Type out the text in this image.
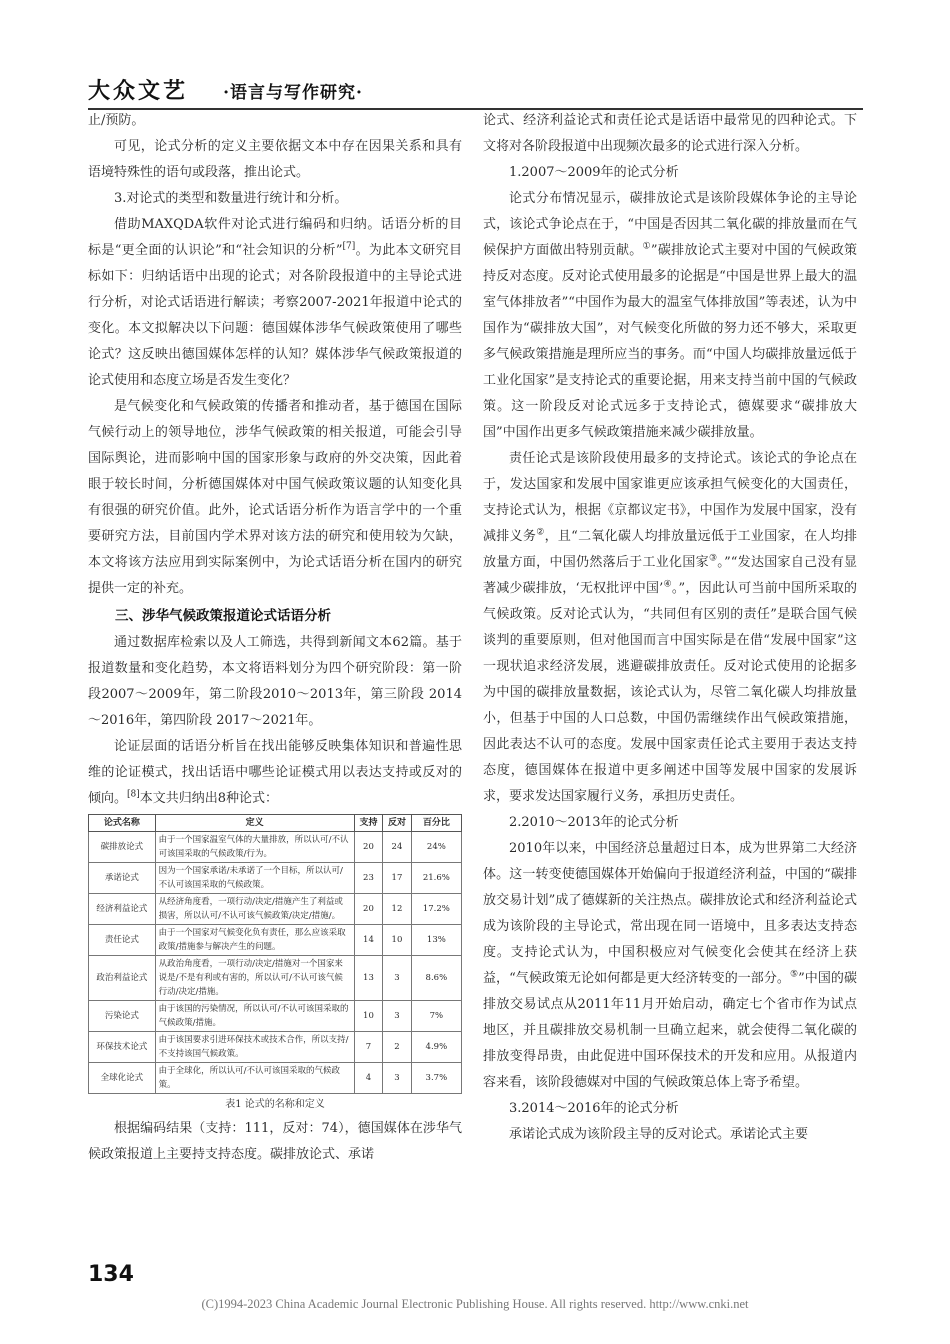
大众文艺 ·语言与写作研究·

止/预防。

可见，论式分析的定义主要依据文本中存在因果关系和具有语境特殊性的语句或段落，推出论式。

3.对论式的类型和数量进行统计和分析。

借助MAXQDA软件对论式进行编码和归纳。话语分析的目标是“更全面的认识论”和“社会知识的分析”[7]。为此本文研究目标如下：归纳话语中出现的论式；对各阶段报道中的主导论式进行分析，对论式话语进行解读；考察2007-2021年报道中论式的变化。本文拟解决以下问题：德国媒体涉华气候政策使用了哪些论式？这反映出德国媒体怎样的认知？媒体涉华气候政策报道的论式使用和态度立场是否发生变化？

是气候变化和气候政策的传播者和推动者，基于德国在国际气候行动上的领导地位，涉华气候政策的相关报道，可能会引导国际舆论，进而影响中国的国家形象与政府的外交决策，因此着眼于较长时间，分析德国媒体对中国气候政策议题的认知变化具有很强的研究价值。此外，论式话语分析作为语言学中的一个重要研究方法，目前国内学术界对该方法的研究和使用较为欠缺，本文将该方法应用到实际案例中，为论式话语分析在国内的研究提供一定的补充。

三、涉华气候政策报道论式话语分析

通过数据库检索以及人工筛选，共得到新闻文本62篇。基于报道数量和变化趋势，本文将语料划分为四个研究阶段：第一阶段2007～2009年，第二阶段2010～2013年，第三阶段 2014～2016年，第四阶段 2017～2021年。

论证层面的话语分析旨在找出能够反映集体知识和普遍性思维的论证模式，找出话语中哪些论证模式用以表达支持或反对的倾向。[8]本文共归纳出8种论式：

论式名称	定义	支持	反对	百分比
碳排放论式	由于一个国家温室气体的大量排放，所以认可/不认可该国采取的气候政策/行为。	20	24	24%
承诺论式	因为一个国家承诺/未承诺了一个目标，所以认可/不认可该国采取的气候政策。	23	17	21.6%
经济利益论式	从经济角度看，一项行动/决定/措施产生了利益或损害，所以认可/不认可该气候政策/决定/措施/。	20	12	17.2%
责任论式	由于一个国家对气候变化负有责任，那么应该采取政策/措施参与解决产生的问题。	14	10	13%
政治利益论式	从政治角度看，一项行动/决定/措施对一个国家来说是/不是有利或有害的，所以认可/不认可该气候行动/决定/措施。	13	3	8.6%
污染论式	由于该国的污染情况，所以认可/不认可该国采取的气候政策/措施。	10	3	7%
环保技术论式	由于该国要求引进环保技术或技术合作，所以支持/不支持该国气候政策。	7	2	4.9%
全球化论式	由于全球化，所以认可/不认可该国采取的气候政策。	4	3	3.7%
表1 论式的名称和定义

根据编码结果（支持：111，反对：74），德国媒体在涉华气候政策报道上主要持支持态度。碳排放论式、承诺

论式、经济利益论式和责任论式是话语中最常见的四种论式。下文将对各阶段报道中出现频次最多的论式进行深入分析。

1.2007～2009年的论式分析

论式分布情况显示，碳排放论式是该阶段媒体争论的主导论式，该论式争论点在于，“中国是否因其二氧化碳的排放量而在气候保护方面做出特别贡献。①”碳排放论式主要对中国的气候政策持反对态度。反对论式使用最多的论据是“中国是世界上最大的温室气体排放者”“中国作为最大的温室气体排放国”等表述，认为中国作为“碳排放大国”，对气候变化所做的努力还不够大，采取更多气候政策措施是理所应当的事务。而“中国人均碳排放量远低于工业化国家”是支持论式的重要论据，用来支持当前中国的气候政策。这一阶段反对论式远多于支持论式，德媒要求“碳排放大国”中国作出更多气候政策措施来减少碳排放量。

责任论式是该阶段使用最多的支持论式。该论式的争论点在于，发达国家和发展中国家谁更应该承担气候变化的大国责任，支持论式认为，根据《京都议定书》，中国作为发展中国家，没有减排义务②，且“二氧化碳人均排放量远低于工业国家，在人均排放量方面，中国仍然落后于工业化国家③。”“发达国家自己没有显著减少碳排放，‘无权批评中国’④。”，因此认可当前中国所采取的气候政策。反对论式认为，“共同但有区别的责任”是联合国气候谈判的重要原则，但对他国而言中国实际是在借“发展中国家”这一现状追求经济发展，逃避碳排放责任。反对论式使用的论据多为中国的碳排放量数据，该论式认为，尽管二氧化碳人均排放量小，但基于中国的人口总数，中国仍需继续作出气候政策措施，因此表达不认可的态度。发展中国家责任论式主要用于表达支持态度，德国媒体在报道中更多阐述中国等发展中国家的发展诉求，要求发达国家履行义务，承担历史责任。

2.2010～2013年的论式分析

2010年以来，中国经济总量超过日本，成为世界第二大经济体。这一转变使德国媒体开始偏向于报道经济利益，中国的“碳排放交易计划”成了德媒新的关注热点。碳排放论式和经济利益论式成为该阶段的主导论式，常出现在同一语境中，且多表达支持态度。支持论式认为，中国积极应对气候变化会使其在经济上获益，“气候政策无论如何都是更大经济转变的一部分。⑤”中国的碳排放交易试点从2011年11月开始启动，确定七个省市作为试点地区，并且碳排放交易机制一旦确立起来，就会使得二氧化碳的排放变得昂贵，由此促进中国环保技术的开发和应用。从报道内容来看，该阶段德媒对中国的气候政策总体上寄予希望。

3.2014～2016年的论式分析

承诺论式成为该阶段主导的反对论式。承诺论式主要

134
(C)1994-2023 China Academic Journal Electronic Publishing House. All rights reserved. http://www.cnki.net
